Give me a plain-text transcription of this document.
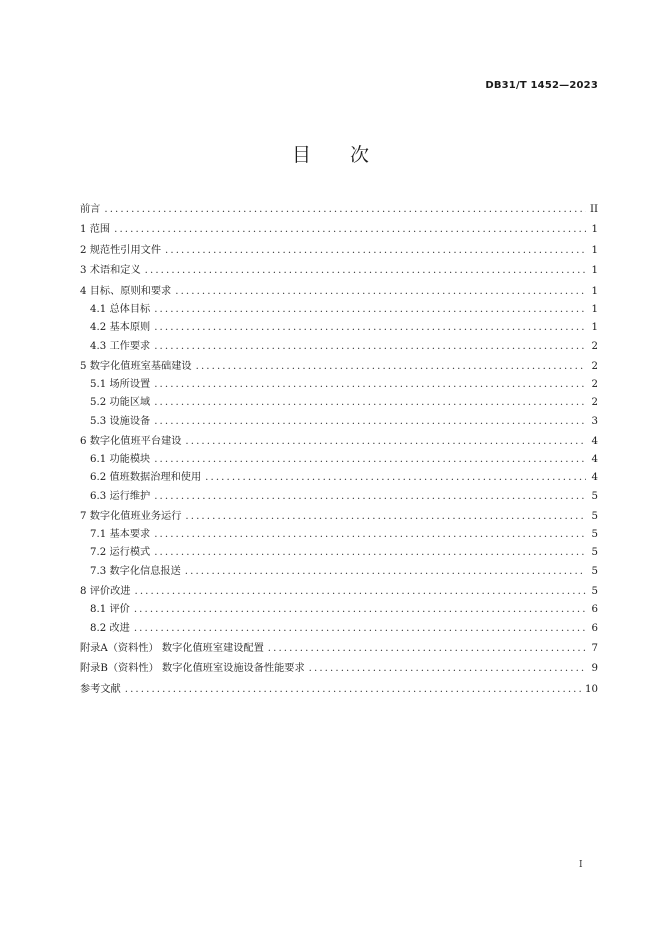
DB31/T 1452—2023
目 次
前言 .....	II
1 范围 .....	1
2 规范性引用文件 .....	1
3 术语和定义 .....	1
4 目标、原则和要求 .....	1
4.1 总体目标 .....	1
4.2 基本原则 .....	1
4.3 工作要求 .....	2
5 数字化值班室基础建设 .....	2
5.1 场所设置 .....	2
5.2 功能区域 .....	2
5.3 设施设备 .....	3
6 数字化值班平台建设 .....	4
6.1 功能模块 .....	4
6.2 值班数据治理和使用 .....	4
6.3 运行维护 .....	5
7 数字化值班业务运行 .....	5
7.1 基本要求 .....	5
7.2 运行模式 .....	5
7.3 数字化信息报送 .....	5
8 评价改进 .....	5
8.1 评价 .....	6
8.2 改进 .....	6
附录A（资料性） 数字化值班室建设配置 .....	7
附录B（资料性） 数字化值班室设施设备性能要求 .....	9
参考文献 .....	10
I
